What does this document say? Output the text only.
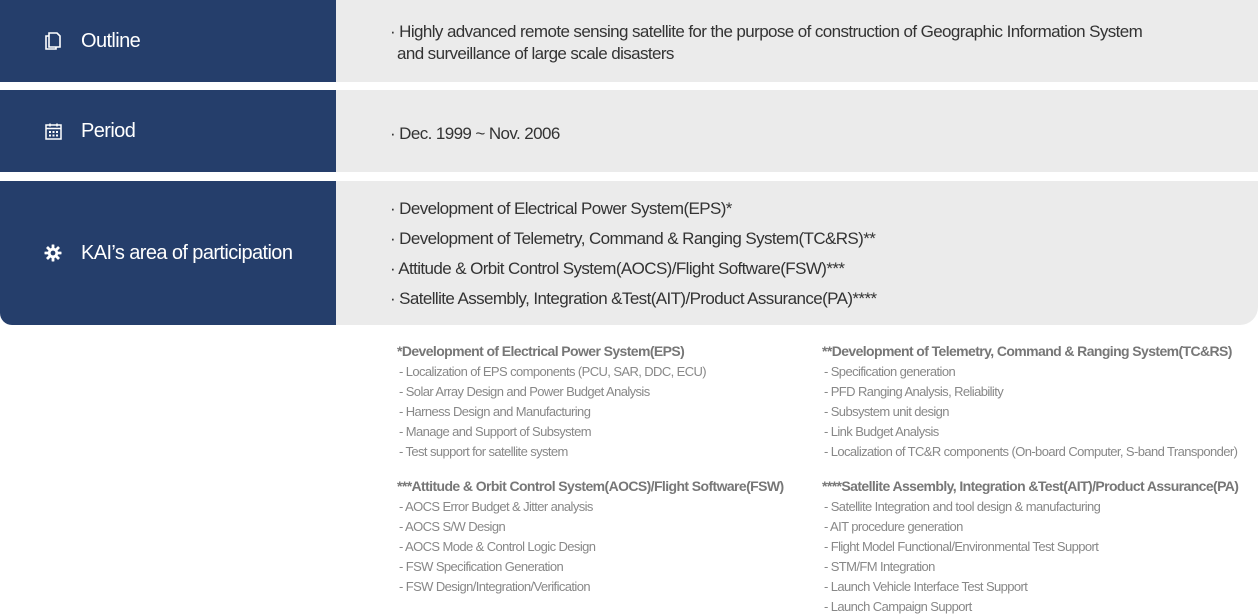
Outline	· Highly advanced remote sensing satellite for the purpose of construction of Geographic Information System
and surveillance of large scale disasters
Period	· Dec. 1999 ~ Nov. 2006
KAI’s area of participation
· Development of Electrical Power System(EPS)*
· Development of Telemetry, Command & Ranging System(TC&RS)**
· Attitude & Orbit Control System(AOCS)/Flight Software(FSW)***
· Satellite Assembly, Integration &Test(AIT)/Product Assurance(PA)****
*Development of Electrical Power System(EPS)
- Localization of EPS components (PCU, SAR, DDC, ECU)
- Solar Array Design and Power Budget Analysis
- Harness Design and Manufacturing
- Manage and Support of Subsystem
- Test support for satellite system
**Development of Telemetry, Command & Ranging System(TC&RS)
- Specification generation
- PFD Ranging Analysis, Reliability
- Subsystem unit design
- Link Budget Analysis
- Localization of TC&R components (On-board Computer, S-band Transponder)
***Attitude & Orbit Control System(AOCS)/Flight Software(FSW)
- AOCS Error Budget & Jitter analysis
- AOCS S/W Design
- AOCS Mode & Control Logic Design
- FSW Specification Generation
- FSW Design/Integration/Verification
****Satellite Assembly, Integration &Test(AIT)/Product Assurance(PA)
- Satellite Integration and tool design & manufacturing
- AIT procedure generation
- Flight Model Functional/Environmental Test Support
- STM/FM Integration
- Launch Vehicle Interface Test Support
- Launch Campaign Support
